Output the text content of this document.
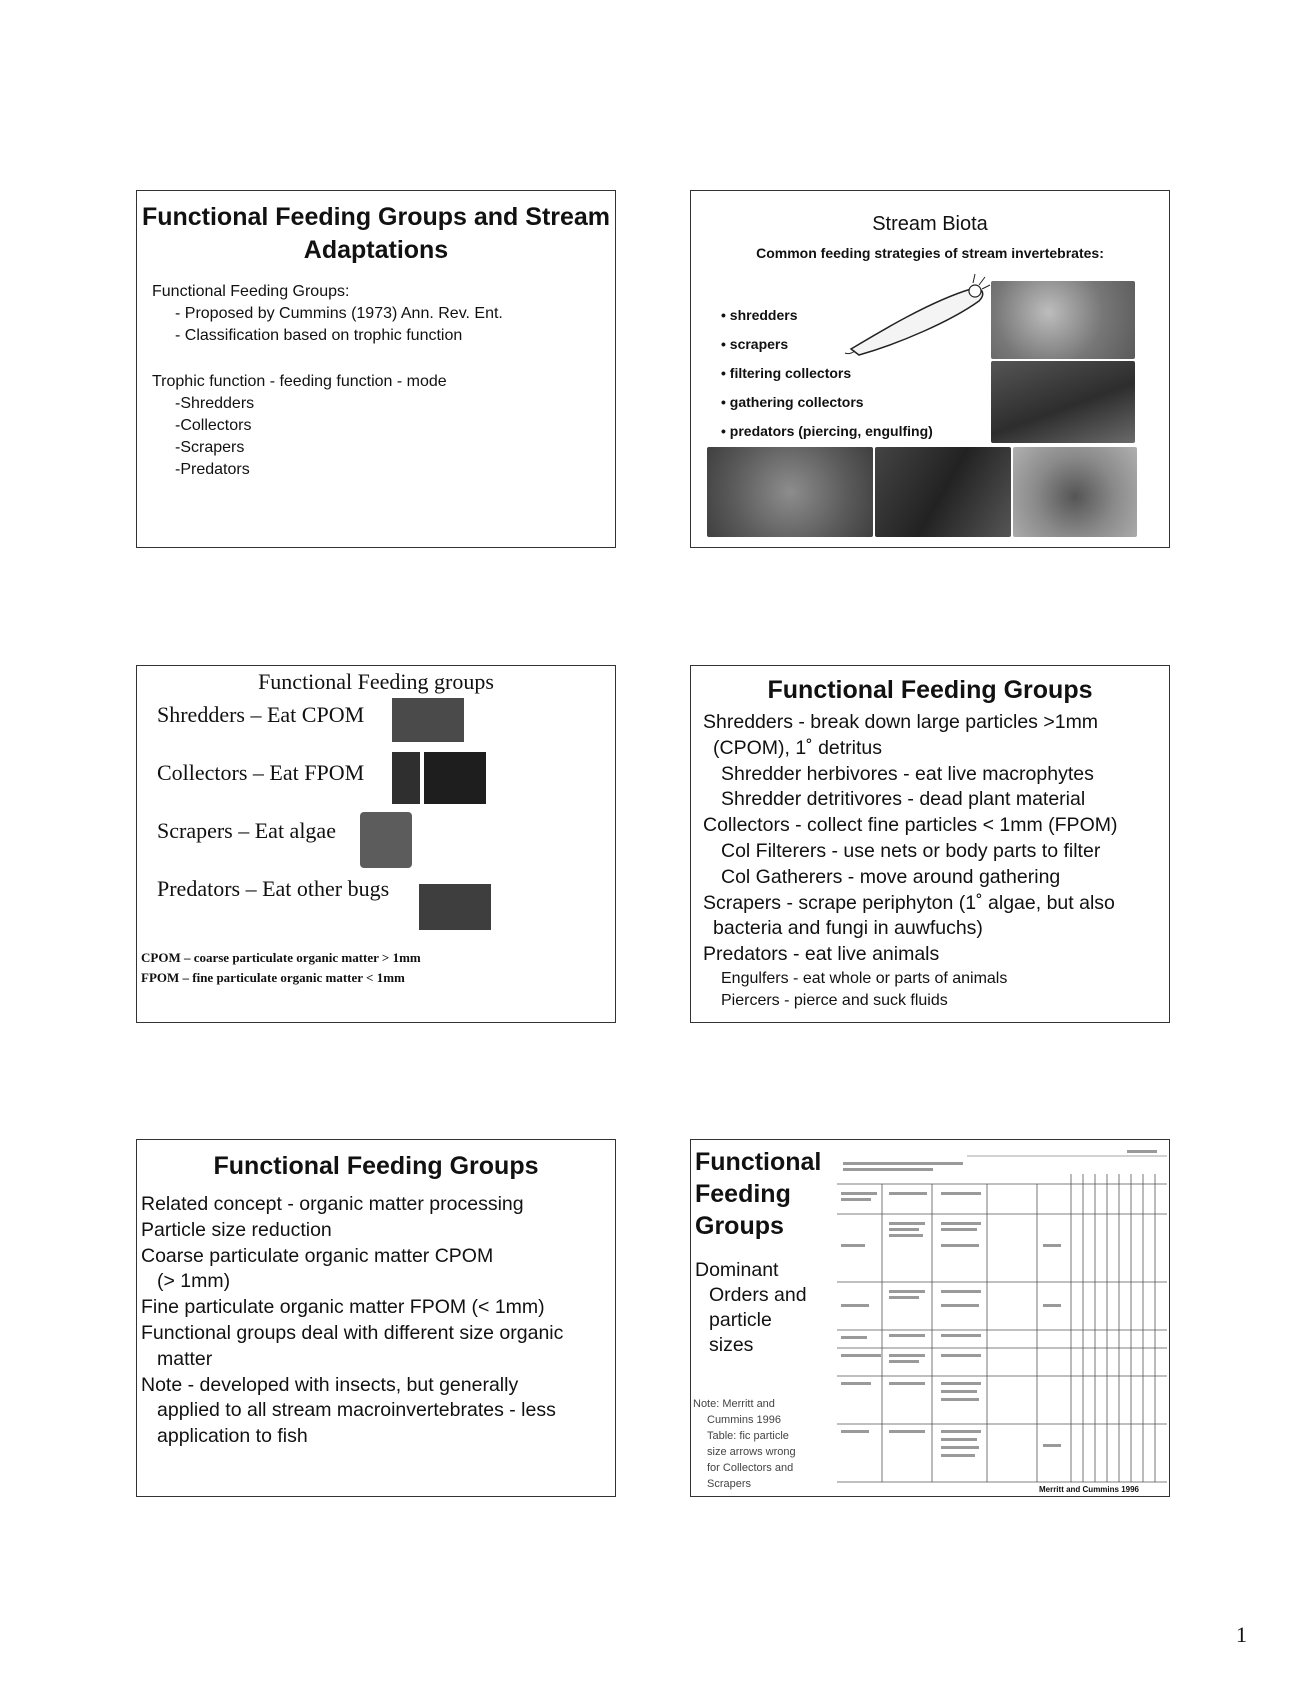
Functional Feeding Groups and Stream Adaptations
Functional Feeding Groups:
- Proposed by Cummins (1973) Ann. Rev. Ent.
- Classification based on trophic function
Trophic function - feeding function - mode
-Shredders
-Collectors
-Scrapers
-Predators
Stream Biota
Common feeding strategies of stream invertebrates:
• shredders
• scrapers
• filtering collectors
• gathering collectors
• predators (piercing, engulfing)
Functional Feeding groups
Shredders – Eat CPOM
Collectors – Eat FPOM
Scrapers – Eat algae
Predators – Eat other bugs
CPOM – coarse particulate organic matter > 1mm
FPOM – fine particulate organic matter < 1mm
Functional Feeding Groups
Shredders - break down large particles >1mm
(CPOM), 1˚ detritus
Shredder herbivores - eat live macrophytes
Shredder detritivores - dead plant material
Collectors - collect fine particles < 1mm (FPOM)
Col Filterers - use nets or body parts to filter
Col Gatherers - move around gathering
Scrapers - scrape periphyton (1˚ algae, but also
bacteria and fungi in auwfuchs)
Predators - eat live animals
Engulfers - eat whole or parts of animals
Piercers - pierce and suck fluids
Functional Feeding Groups
Related concept - organic matter processing
Particle size reduction
Coarse particulate organic matter CPOM
(> 1mm)
Fine particulate organic matter FPOM (< 1mm)
Functional groups deal with different size organic
matter
Note - developed with insects, but generally
applied to all stream macroinvertebrates - less
application to fish
Functional
Feeding
Groups
Dominant
Orders and
particle
sizes
Note: Merritt and
Cummins 1996
Table: fic particle
size arrows wrong
for Collectors and
Scrapers	Merritt and Cummins 1996
1
